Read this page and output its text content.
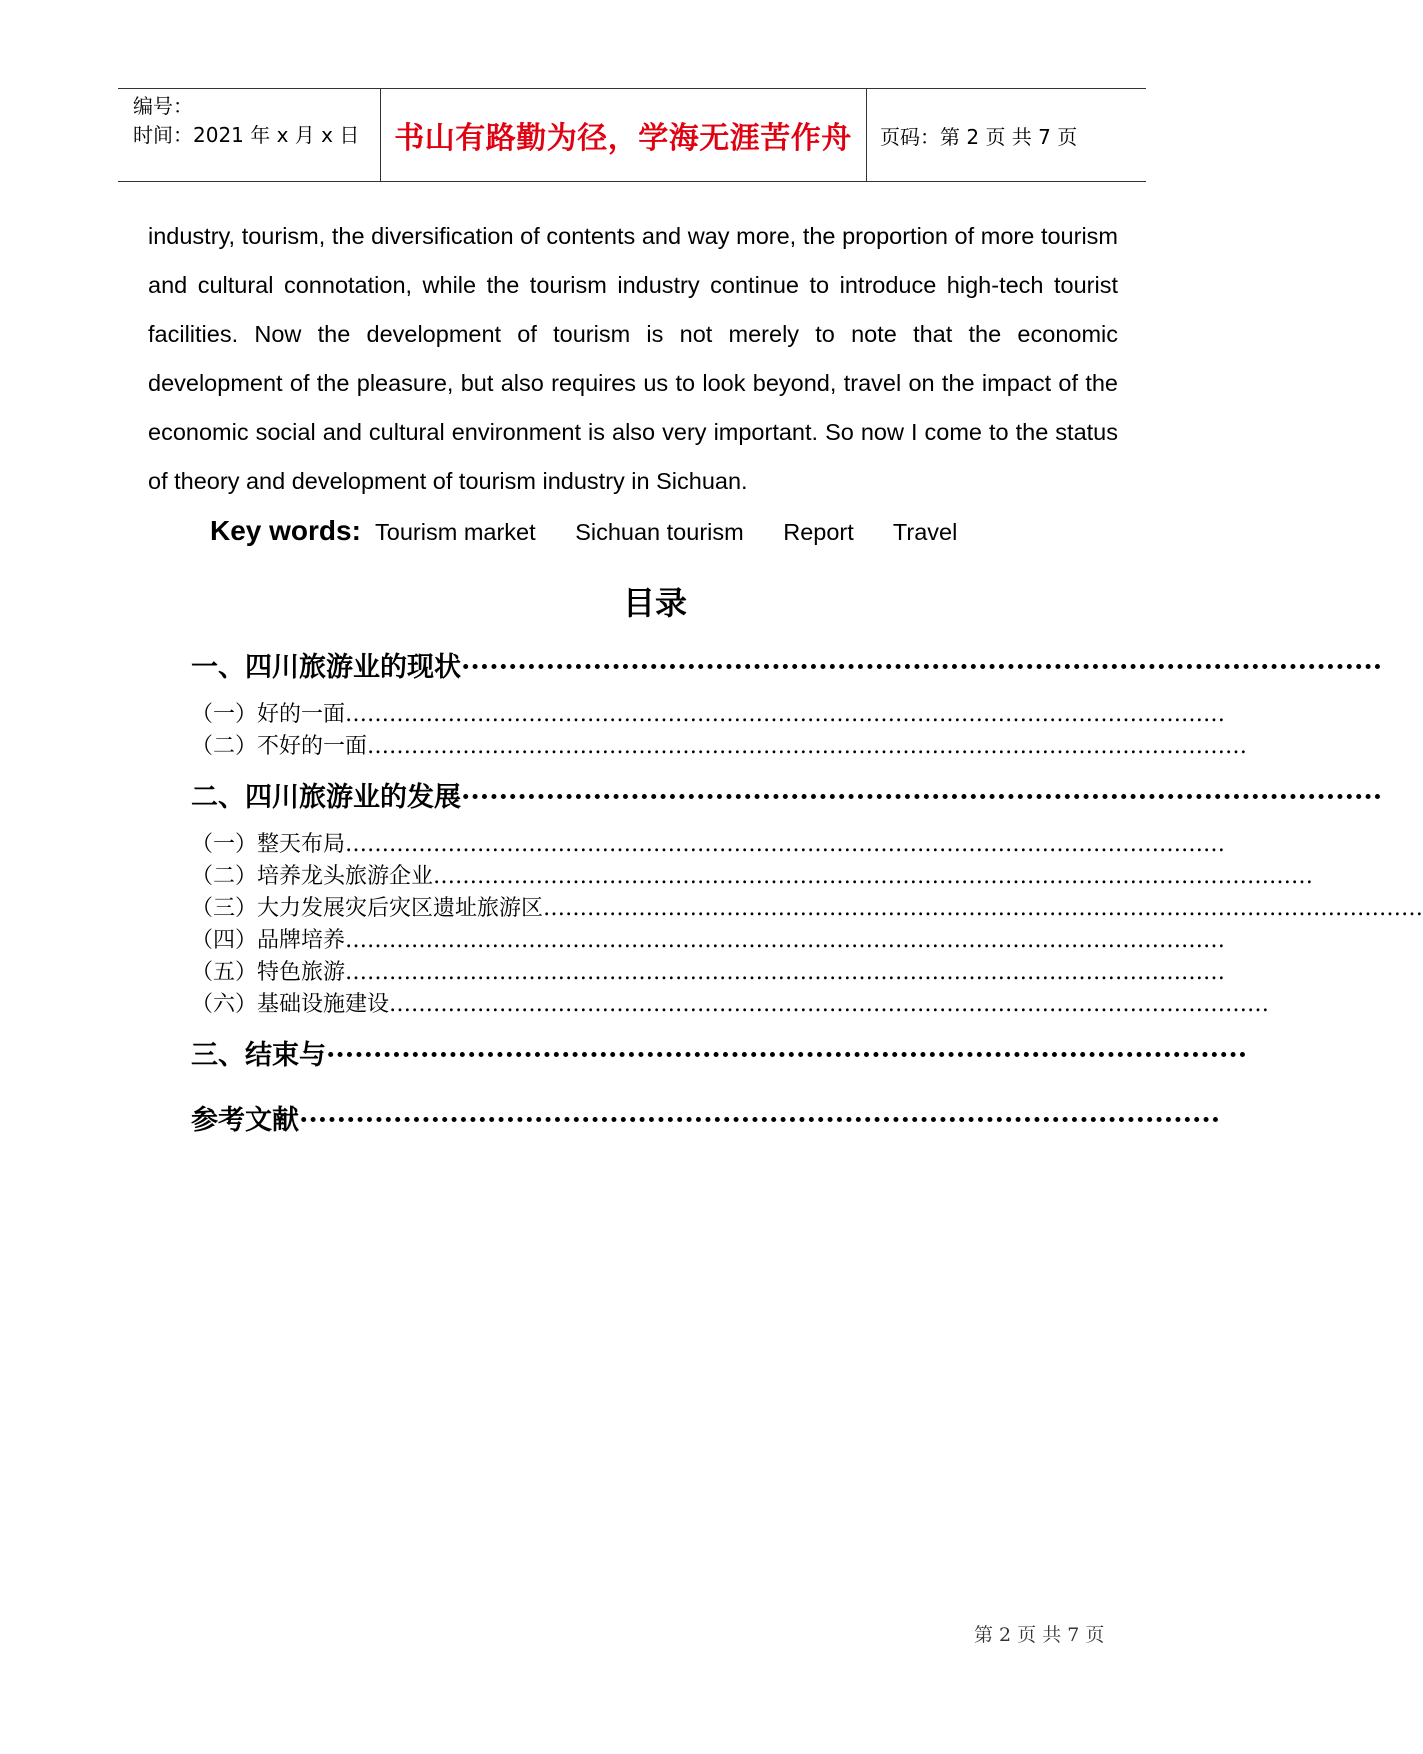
编号：
时间：2021 年 x 月 x 日	书山有路勤为径，学海无涯苦作舟	页码：第 2 页 共 7 页
industry, tourism, the diversification of contents and way more, the proportion of more tourism and cultural connotation, while the tourism industry continue to introduce high-tech tourist facilities. Now the development of tourism is not merely to note that the economic development of the pleasure, but also requires us to look beyond, travel on the impact of the economic social and cultural environment is also very important. So now I come to the status of theory and development of tourism industry in Sichuan.
Key words: Tourism market Sichuan tourism Report Travel
目录
一、四川旅游业的现状 ··································································································
（一）好的一面 …………………………………………………………………………………………………………
（二）不好的一面 …………………………………………………………………………………………………………
二、四川旅游业的发展 ··································································································
（一）整天布局 …………………………………………………………………………………………………………
（二）培养龙头旅游企业 …………………………………………………………………………………………………………
（三）大力发展灾后灾区遗址旅游区 …………………………………………………………………………………………………………
（四）品牌培养 …………………………………………………………………………………………………………
（五）特色旅游 …………………………………………………………………………………………………………
（六）基础设施建设 …………………………………………………………………………………………………………
三、结束与 ··································································································
参考文献 ··································································································
第 2 页 共 7 页
